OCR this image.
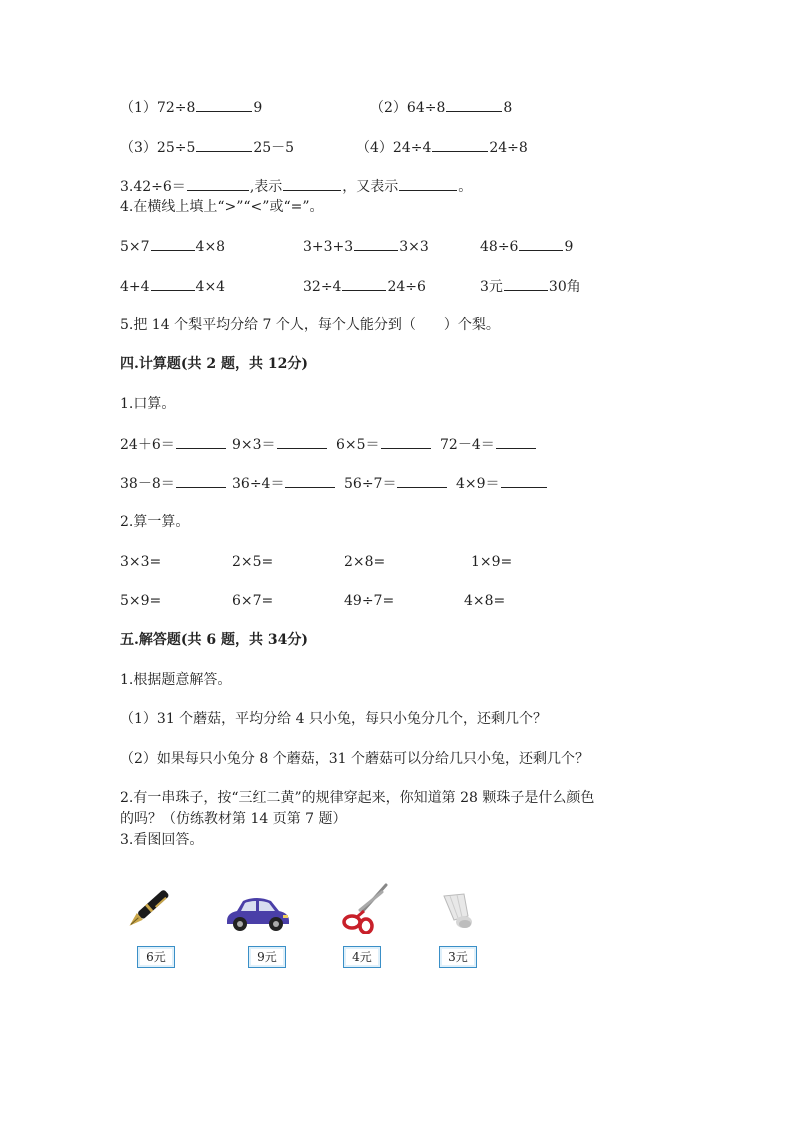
（1）72÷8	9	（2）64÷8	8
（3）25÷5	25－5	（4）24÷4	24÷8
3.42÷6＝	,表示	，又表示	。
4.在横线上填上“>”“<”或“=”。
5×7	4×8	3+3+3	3×3	48÷6	9
4+4	4×4	32÷4	24÷6	3元	30角
5.把 14 个梨平均分给 7 个人，每个人能分到（　　）个梨。
四.计算题(共 2 题，共 12分)
1.口算。
24＋6＝	9×3＝	6×5＝	72－4＝
38－8＝	36÷4＝	56÷7＝	4×9＝
2.算一算。
3×3=	2×5=	2×8=	1×9=
5×9=	6×7=	49÷7=	4×8=
五.解答题(共 6 题，共 34分)
1.根据题意解答。
（1）31 个蘑菇，平均分给 4 只小兔，每只小兔分几个，还剩几个？
（2）如果每只小兔分 8 个蘑菇，31 个蘑菇可以分给几只小兔，还剩几个？
2.有一串珠子，按“三红二黄”的规律穿起来，你知道第 28 颗珠子是什么颜色
的吗？（仿练教材第 14 页第 7 题）
3.看图回答。
6元	9元	4元	3元
